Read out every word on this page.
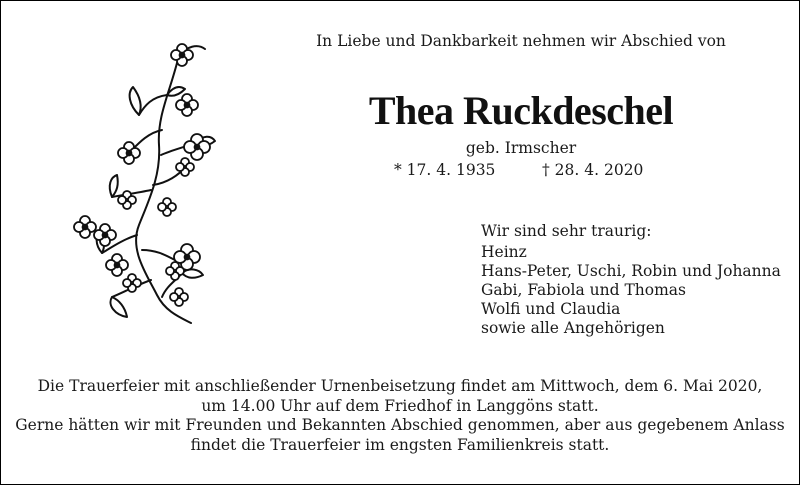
In Liebe und Dankbarkeit nehmen wir Abschied von
Thea Ruckdeschel
geb. Irmscher
* 17. 4. 1935	† 28. 4. 2020
Wir sind sehr traurig:
Heinz
Hans-Peter, Uschi, Robin und Johanna
Gabi, Fabiola und Thomas
Wolfi und Claudia
sowie alle Angehörigen
Die Trauerfeier mit anschließender Urnenbeisetzung findet am Mittwoch, dem 6. Mai 2020,
um 14.00 Uhr auf dem Friedhof in Langgöns statt.
Gerne hätten wir mit Freunden und Bekannten Abschied genommen, aber aus gegebenem Anlass
findet die Trauerfeier im engsten Familienkreis statt.
